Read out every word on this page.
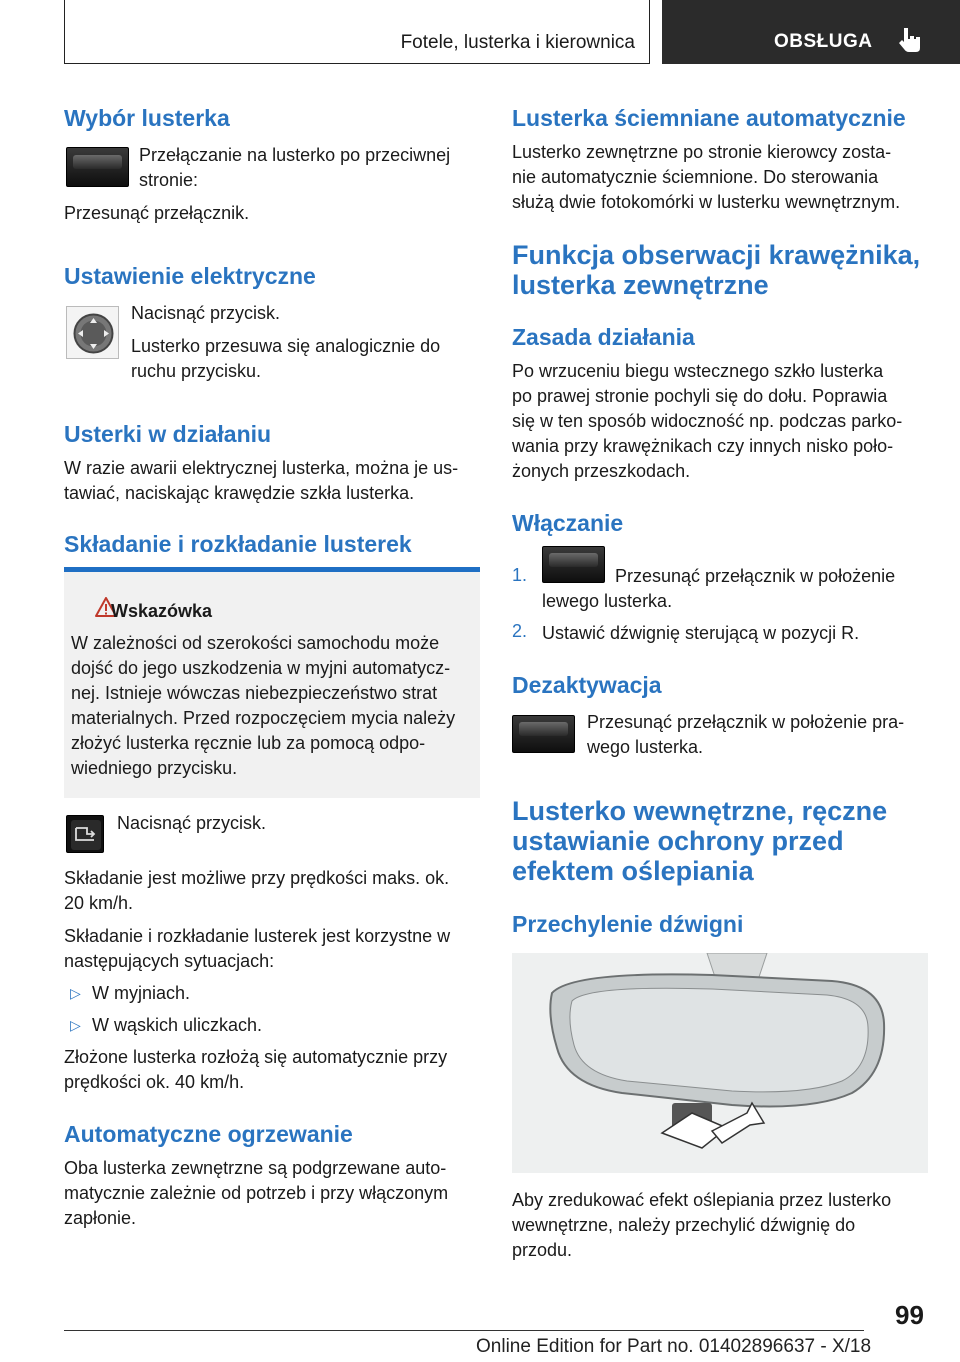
Fotele, lusterka i kierownica	OBSŁUGA
Wybór lusterka
Przełączanie na lusterko po przeciwnej
stronie:
Przesunąć przełącznik.
Ustawienie elektryczne
Nacisnąć przycisk.
Lusterko przesuwa się analogicznie do
ruchu przycisku.
Usterki w działaniu
W razie awarii elektrycznej lusterka, można je us-
tawiać, naciskając krawędzie szkła lusterka.
Składanie i rozkładanie lusterek
Wskazówka
W zależności od szerokości samochodu może
dojść do jego uszkodzenia w myjni automatycz-
nej. Istnieje wówczas niebezpieczeństwo strat
materialnych. Przed rozpoczęciem mycia należy
złożyć lusterka ręcznie lub za pomocą odpo-
wiedniego przycisku.
Nacisnąć przycisk.
Składanie jest możliwe przy prędkości maks. ok.
20 km/h.
Składanie i rozkładanie lusterek jest korzystne w
następujących sytuacjach:
▷ W myjniach.
▷ W wąskich uliczkach.
Złożone lusterka rozłożą się automatycznie przy
prędkości ok. 40 km/h.
Automatyczne ogrzewanie
Oba lusterka zewnętrzne są podgrzewane auto-
matycznie zależnie od potrzeb i przy włączonym
zapłonie.
Lusterka ściemniane automatycznie
Lusterko zewnętrzne po stronie kierowcy zosta-
nie automatycznie ściemnione. Do sterowania
służą dwie fotokomórki w lusterku wewnętrznym.
Funkcja obserwacji krawężnika,
lusterka zewnętrzne
Zasada działania
Po wrzuceniu biegu wstecznego szkło lusterka
po prawej stronie pochyli się do dołu. Poprawia
się w ten sposób widoczność np. podczas parko-
wania przy krawężnikach czy innych nisko poło-
żonych przeszkodach.
Włączanie
1.	Przesunąć przełącznik w położenie
lewego lusterka.
2. Ustawić dźwignię sterującą w pozycji R.
Dezaktywacja
Przesunąć przełącznik w położenie pra-
wego lusterka.
Lusterko wewnętrzne, ręczne
ustawianie ochrony przed
efektem oślepiania
Przechylenie dźwigni
Aby zredukować efekt oślepiania przez lusterko
wewnętrzne, należy przechylić dźwignię do
przodu.
99
Online Edition for Part no. 01402896637 - X/18
